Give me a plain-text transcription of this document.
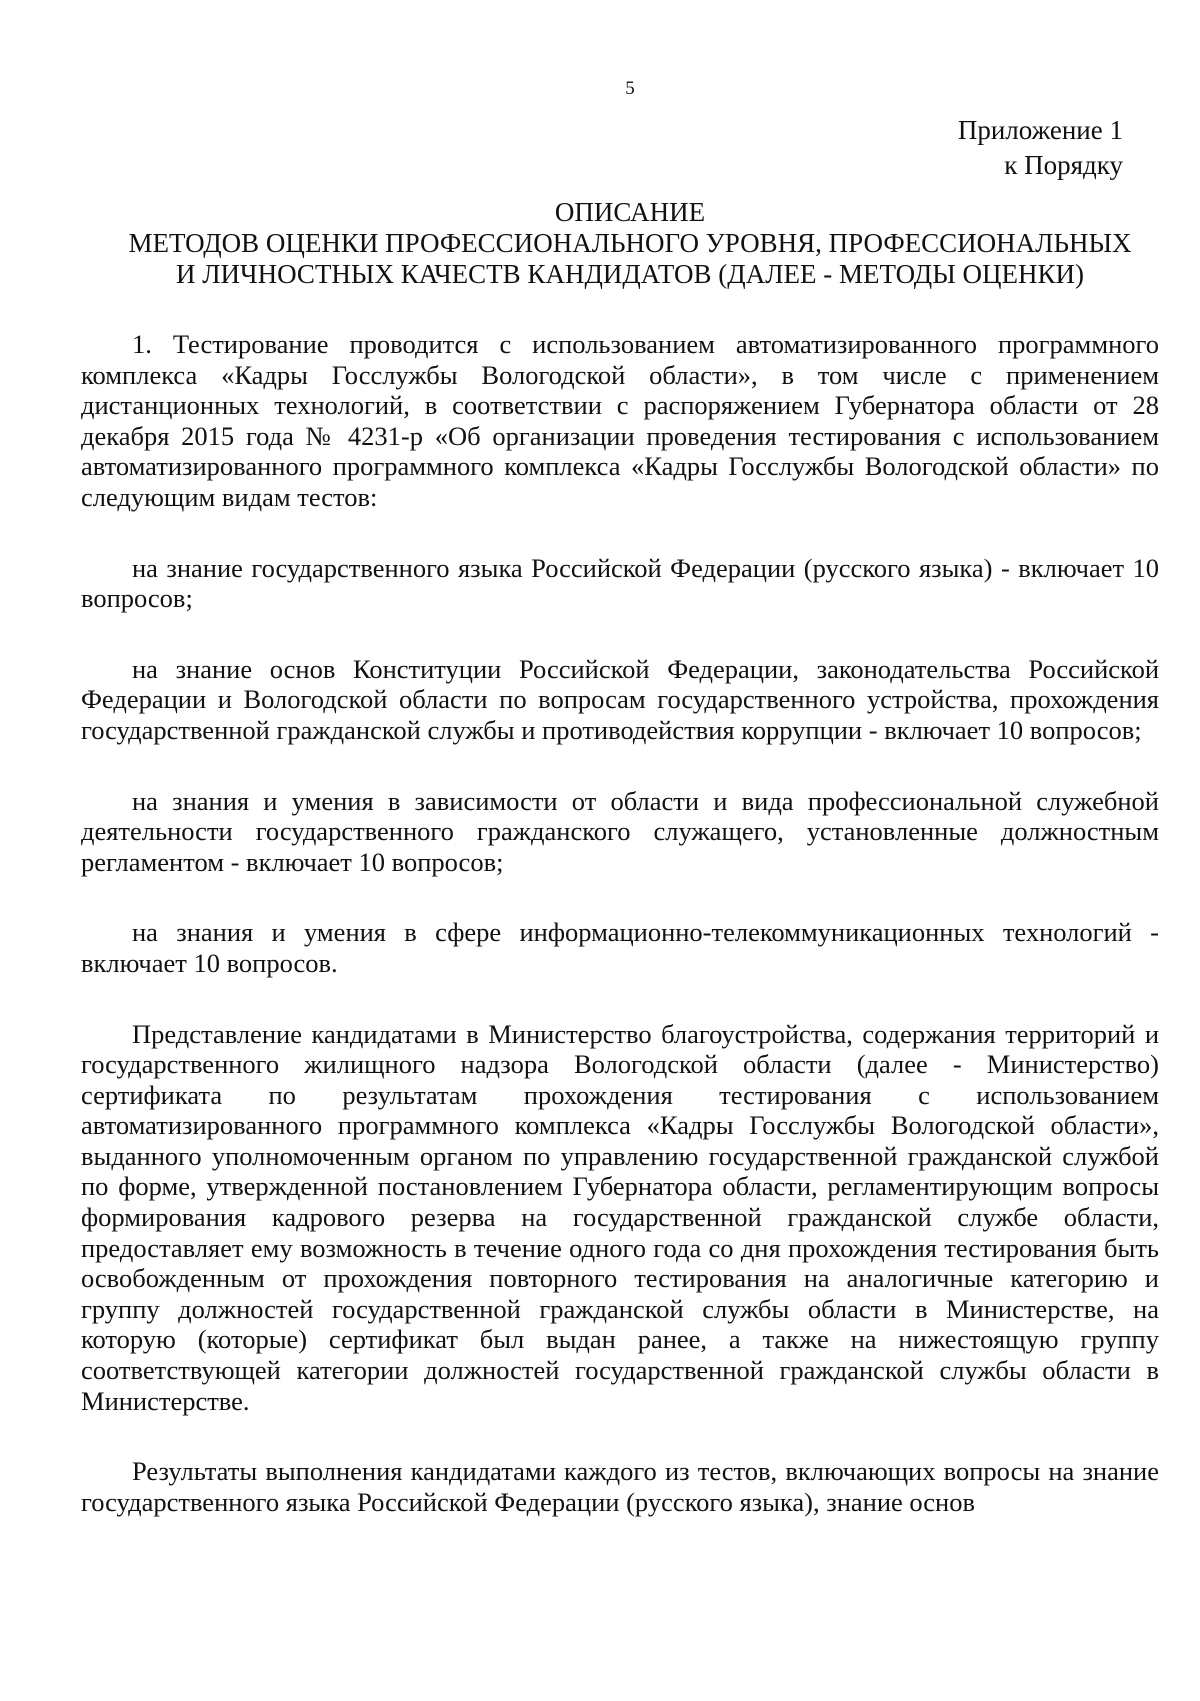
5
Приложение 1
к Порядку
ОПИСАНИЕ
МЕТОДОВ ОЦЕНКИ ПРОФЕССИОНАЛЬНОГО УРОВНЯ, ПРОФЕССИОНАЛЬНЫХ
И ЛИЧНОСТНЫХ КАЧЕСТВ КАНДИДАТОВ (ДАЛЕЕ - МЕТОДЫ ОЦЕНКИ)

1. Тестирование проводится с использованием автоматизированного программного комплекса «Кадры Госслужбы Вологодской области», в том числе с применением дистанционных технологий, в соответствии с распоряжением Губернатора области от 28 декабря 2015 года № 4231-р «Об организации проведения тестирования с использованием автоматизированного программного комплекса «Кадры Госслужбы Вологодской области» по следующим видам тестов:

на знание государственного языка Российской Федерации (русского языка) - включает 10 вопросов;

на знание основ Конституции Российской Федерации, законодательства Российской Федерации и Вологодской области по вопросам государственного устройства, прохождения государственной гражданской службы и противодействия коррупции - включает 10 вопросов;

на знания и умения в зависимости от области и вида профессиональной служебной деятельности государственного гражданского служащего, установленные должностным регламентом - включает 10 вопросов;

на знания и умения в сфере информационно-телекоммуникационных технологий - включает 10 вопросов.

Представление кандидатами в Министерство благоустройства, содержания территорий и государственного жилищного надзора Вологодской области (далее - Министерство) сертификата по результатам прохождения тестирования с использованием автоматизированного программного комплекса «Кадры Госслужбы Вологодской области», выданного уполномоченным органом по управлению государственной гражданской службой по форме, утвержденной постановлением Губернатора области, регламентирующим вопросы формирования кадрового резерва на государственной гражданской службе области, предоставляет ему возможность в течение одного года со дня прохождения тестирования быть освобожденным от прохождения повторного тестирования на аналогичные категорию и группу должностей государственной гражданской службы области в Министерстве, на которую (которые) сертификат был выдан ранее, а также на нижестоящую группу соответствующей категории должностей государственной гражданской службы области в Министерстве.

Результаты выполнения кандидатами каждого из тестов, включающих вопросы на знание государственного языка Российской Федерации (русского языка), знание основ
